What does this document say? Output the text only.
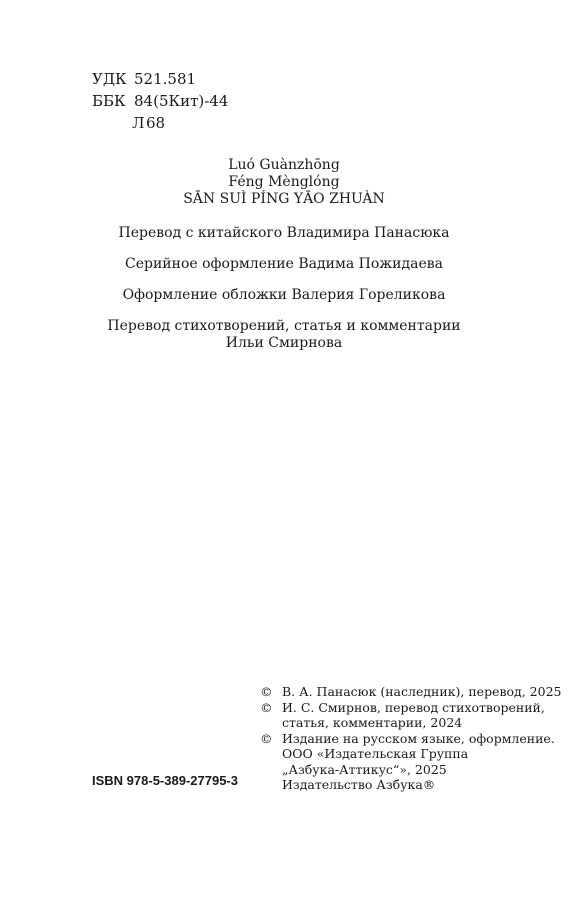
УДК 521.581
ББК 84(5Кит)-44
Л 68
Luó Guànzhōng
Féng Mènglóng
SĀN SUÌ PÍNG YĀO ZHUÀN
Перевод с китайского Владимира Панасюка
Серийное оформление Вадима Пожидаева
Оформление обложки Валерия Гореликова
Перевод стихотворений, статья и комментарии
Ильи Смирнова
© В. А. Панасюк (наследник), перевод, 2025
© И. С. Смирнов, перевод стихотворений,
статья, комментарии, 2024
© Издание на русском языке, оформление.
ООО «Издательская Группа
„Азбука-Аттикус“», 2025
Издательство Азбука®
ISBN 978-5-389-27795-3
